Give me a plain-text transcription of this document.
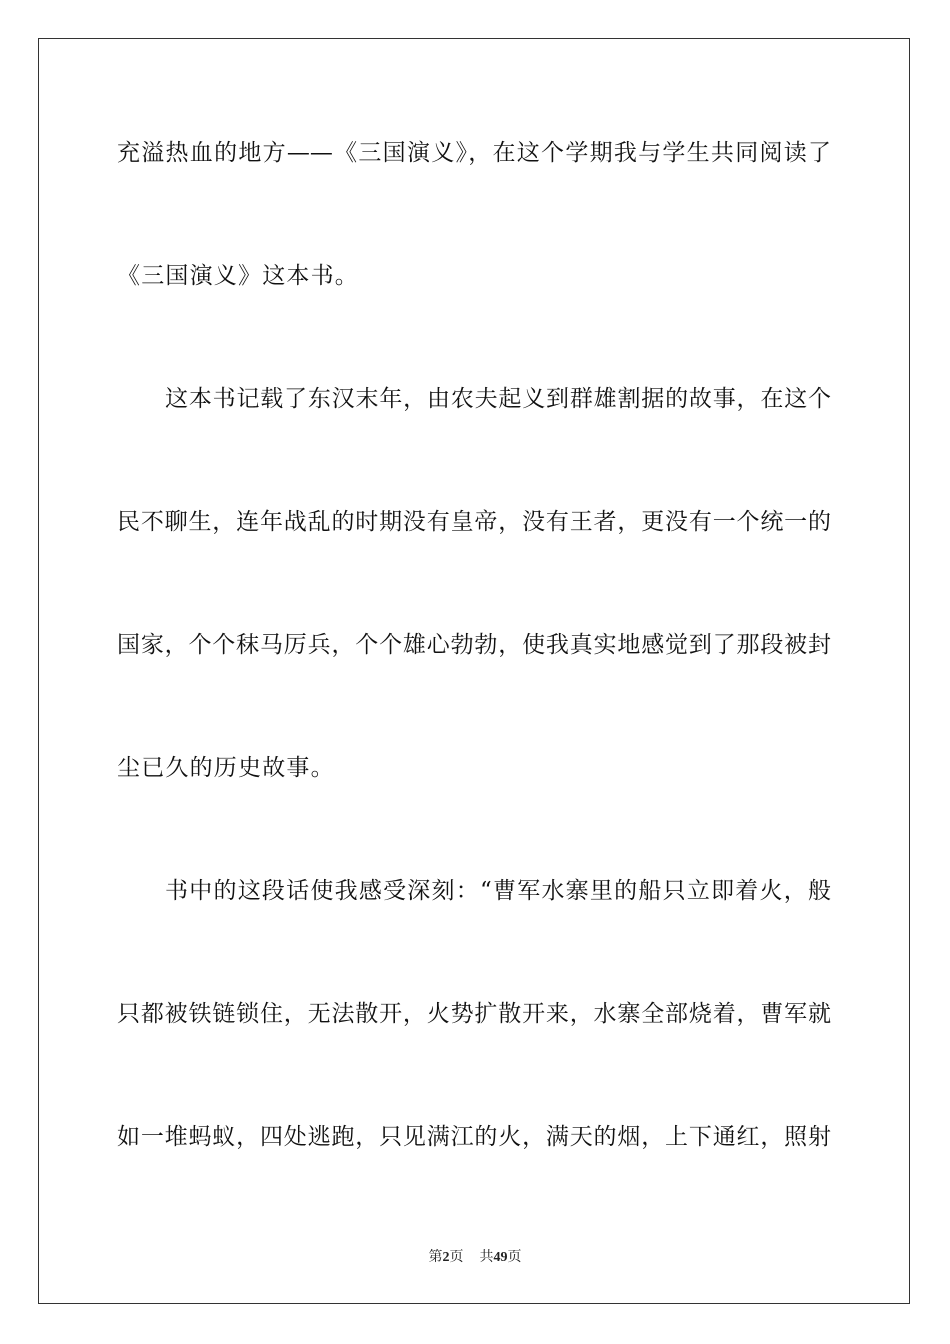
充溢热血的地方——《三国演义》，在这个学期我与学生共同阅读了
《三国演义》这本书。
这本书记载了东汉末年，由农夫起义到群雄割据的故事，在这个
民不聊生，连年战乱的时期没有皇帝，没有王者，更没有一个统一的
国家，个个秣马厉兵，个个雄心勃勃，使我真实地感觉到了那段被封
尘已久的历史故事。
书中的这段话使我感受深刻：“曹军水寨里的船只立即着火，般
只都被铁链锁住，无法散开，火势扩散开来，水寨全部烧着，曹军就
如一堆蚂蚁，四处逃跑，只见满江的火，满天的烟，上下通红，照射
第2页 共49页
